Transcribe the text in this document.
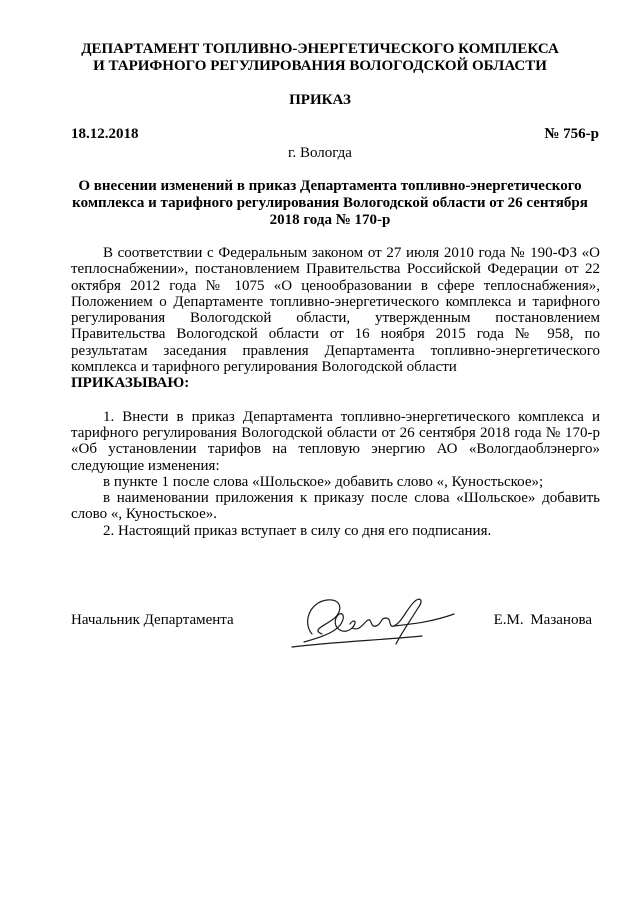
ДЕПАРТАМЕНТ ТОПЛИВНО-ЭНЕРГЕТИЧЕСКОГО КОМПЛЕКСА
И ТАРИФНОГО РЕГУЛИРОВАНИЯ ВОЛОГОДСКОЙ ОБЛАСТИ
ПРИКАЗ
18.12.2018	№ 756-р
г. Вологда
О внесении изменений в приказ Департамента топливно-энергетического комплекса и тарифного регулирования Вологодской области от 26 сентября 2018 года № 170-р

В соответствии с Федеральным законом от 27 июля 2010 года № 190-ФЗ «О теплоснабжении», постановлением Правительства Российской Федерации от 22 октября 2012 года № 1075 «О ценообразовании в сфере теплоснабжения», Положением о Департаменте топливно-энергетического комплекса и тарифного регулирования Вологодской области, утвержденным постановлением Правительства Вологодской области от 16 ноября 2015 года № 958, по результатам заседания правления Департамента топливно-энергетического комплекса и тарифного регулирования Вологодской области

ПРИКАЗЫВАЮ:

1. Внести в приказ Департамента топливно-энергетического комплекса и тарифного регулирования Вологодской области от 26 сентября 2018 года № 170-р «Об установлении тарифов на тепловую энергию АО «Вологдаоблэнерго» следующие изменения:

в пункте 1 после слова «Шольское» добавить слово «, Куностьское»;

в наименовании приложения к приказу после слова «Шольское» добавить слово «, Куностьское».

2. Настоящий приказ вступает в силу со дня его подписания.

Начальник Департамента	Е.М. Мазанова
